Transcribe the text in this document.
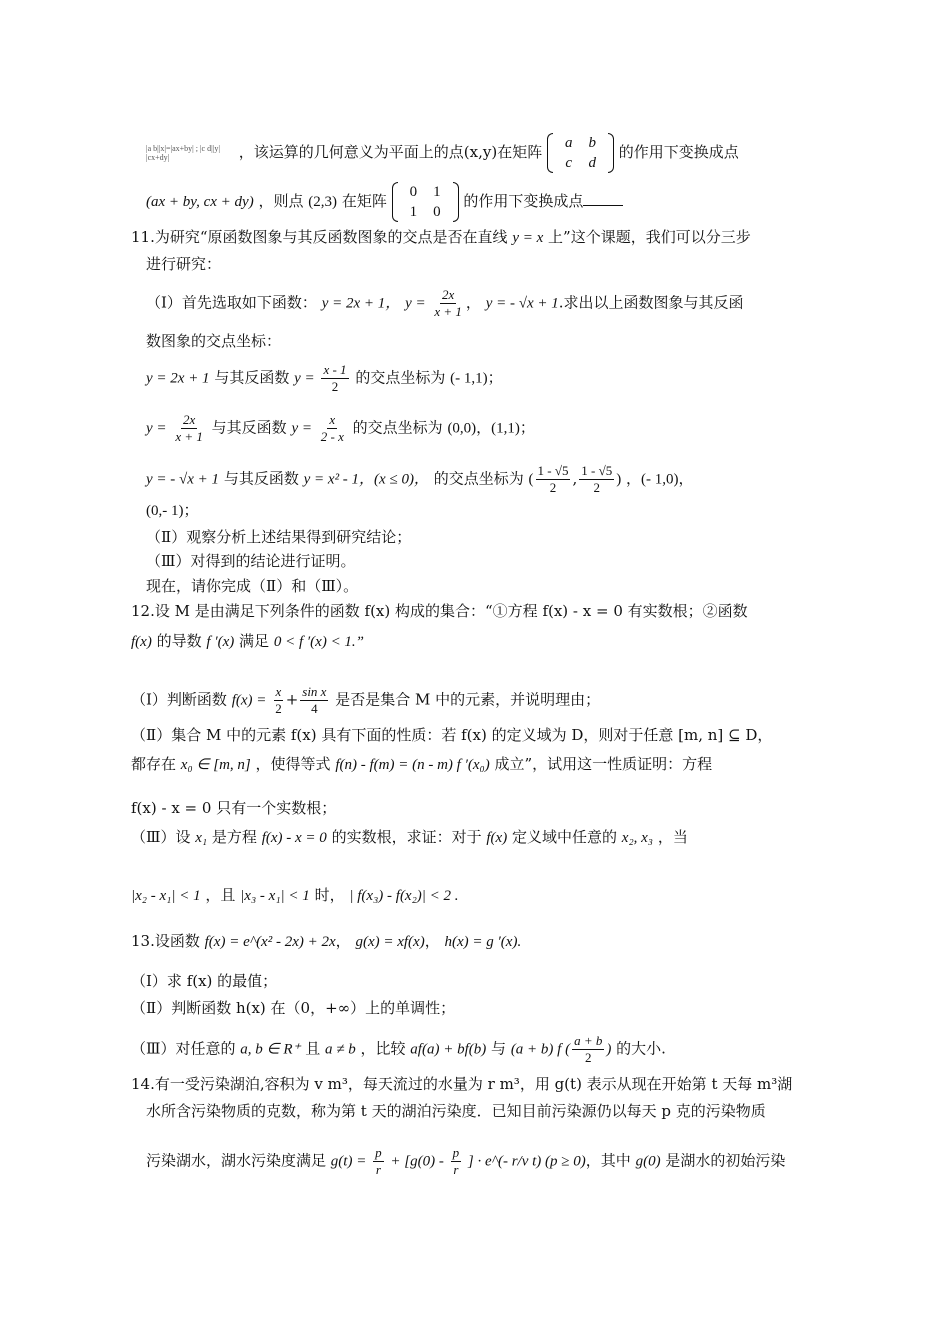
|a b||x|=|ax+by| ; |c d||y| |cx+dy|	，该运算的几何意义为平面上的点(x,y)在矩阵 a	b
c	d
的作用下变换成点
(ax + by, cx + dy) ，则点 (2,3) 在矩阵 0	1
1	0
的作用下变换成点
11.为研究“原函数图象与其反函数图象的交点是否在直线 y = x 上”这个课题，我们可以分三步
进行研究：
（Ⅰ）首先选取如下函数： y = 2x + 1， $y = \frac{2x}{x + 1}$ ， y = - √x + 1.求出以上函数图象与其反函
数图象的交点坐标：
y = 2x + 1 与其反函数 $y = \frac{x - 1}{2}$ 的交点坐标为 (- 1,1)；
$y = \frac{2x}{x + 1}$ 与其反函数 $y = \frac{x}{2 - x}$ 的交点坐标为 (0,0)，(1,1)；
y = - √x + 1 与其反函数 y = x² - 1，(x ≤ 0)， 的交点坐标为 ( $\frac{1 - √5}{2}$ , $\frac{1 - √5}{2}$ ) ，(- 1,0)，
(0,- 1)；
（Ⅱ）观察分析上述结果得到研究结论；
（Ⅲ）对得到的结论进行证明。
现在，请你完成（Ⅱ）和（Ⅲ）。
12.设 M 是由满足下列条件的函数 f(x) 构成的集合：“①方程 f(x) - x = 0 有实数根；②函数
f(x) 的导数 f ′(x) 满足 0 < f ′(x) < 1.”
（Ⅰ）判断函数 $f(x) = \frac{x}{2} + \frac{\text{sin x}}{4}$ 是否是集合 M 中的元素，并说明理由；
（Ⅱ）集合 M 中的元素 f(x) 具有下面的性质：若 f(x) 的定义域为 D，则对于任意 [m, n] ⊆ D，
都存在 x₀ ∈ [m, n] ，使得等式 f(n) - f(m) = (n - m) f ′(x₀) 成立”，试用这一性质证明：方程
f(x) - x = 0 只有一个实数根；
（Ⅲ）设 x₁ 是方程 f(x) - x = 0 的实数根，求证：对于 f(x) 定义域中任意的 x₂, x₃ ，当
|x₂ - x₁| < 1 ，且 |x₃ - x₁| < 1 时， | f(x₃) - f(x₂)| < 2 .
13.设函数 f(x) = e^(x² - 2x) + 2x， g(x) = xf(x)， h(x) = g ′(x).
（Ⅰ）求 f(x) 的最值；
（Ⅱ）判断函数 h(x) 在（0，+∞）上的单调性；
（Ⅲ）对任意的 a, b ∈ R⁺ 且 a ≠ b ，比较 af(a) + bf(b) 与 (a + b) f ( $\frac{a + b}{2}$ ) 的大小.
14.有一受污染湖泊,容积为 v m³，每天流过的水量为 r m³，用 g(t) 表示从现在开始第 t 天每 m³湖
水所含污染物质的克数，称为第 t 天的湖泊污染度．已知目前污染源仍以每天 p 克的污染物质
污染湖水，湖水污染度满足 $g(t) = \frac{p}{r} + [g(0) - \frac{p}{r}$ ] · e^(- r/v t) (p ≥ 0)，其中 g(0) 是湖水的初始污染
